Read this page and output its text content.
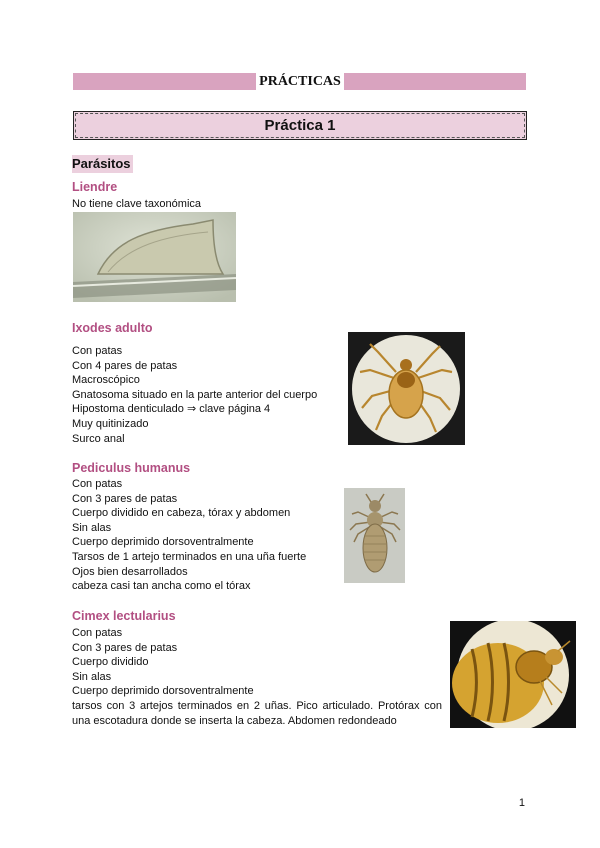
PRÁCTICAS
Práctica 1
Parásitos
Liendre
No tiene clave taxonómica
Ixodes adulto
Con patas
Con 4 pares de patas
Macroscópico
Gnatosoma situado en la parte anterior del cuerpo
Hipostoma denticulado ⇒ clave página 4
Muy quitinizado
Surco anal
Pediculus humanus
Con patas
Con 3 pares de patas
Cuerpo dividido en cabeza, tórax y abdomen
Sin alas
Cuerpo deprimido dorsoventralmente
Tarsos de 1 artejo terminados en una uña fuerte
Ojos bien desarrollados
cabeza casi tan ancha como el tórax
Cimex lectularius
Con patas
Con 3 pares de patas
Cuerpo dividido
Sin alas
Cuerpo deprimido dorsoventralmente
tarsos con 3 artejos terminados en 2 uñas. Pico articulado. Protórax con una escotadura donde se inserta la cabeza. Abdomen redondeado
1
